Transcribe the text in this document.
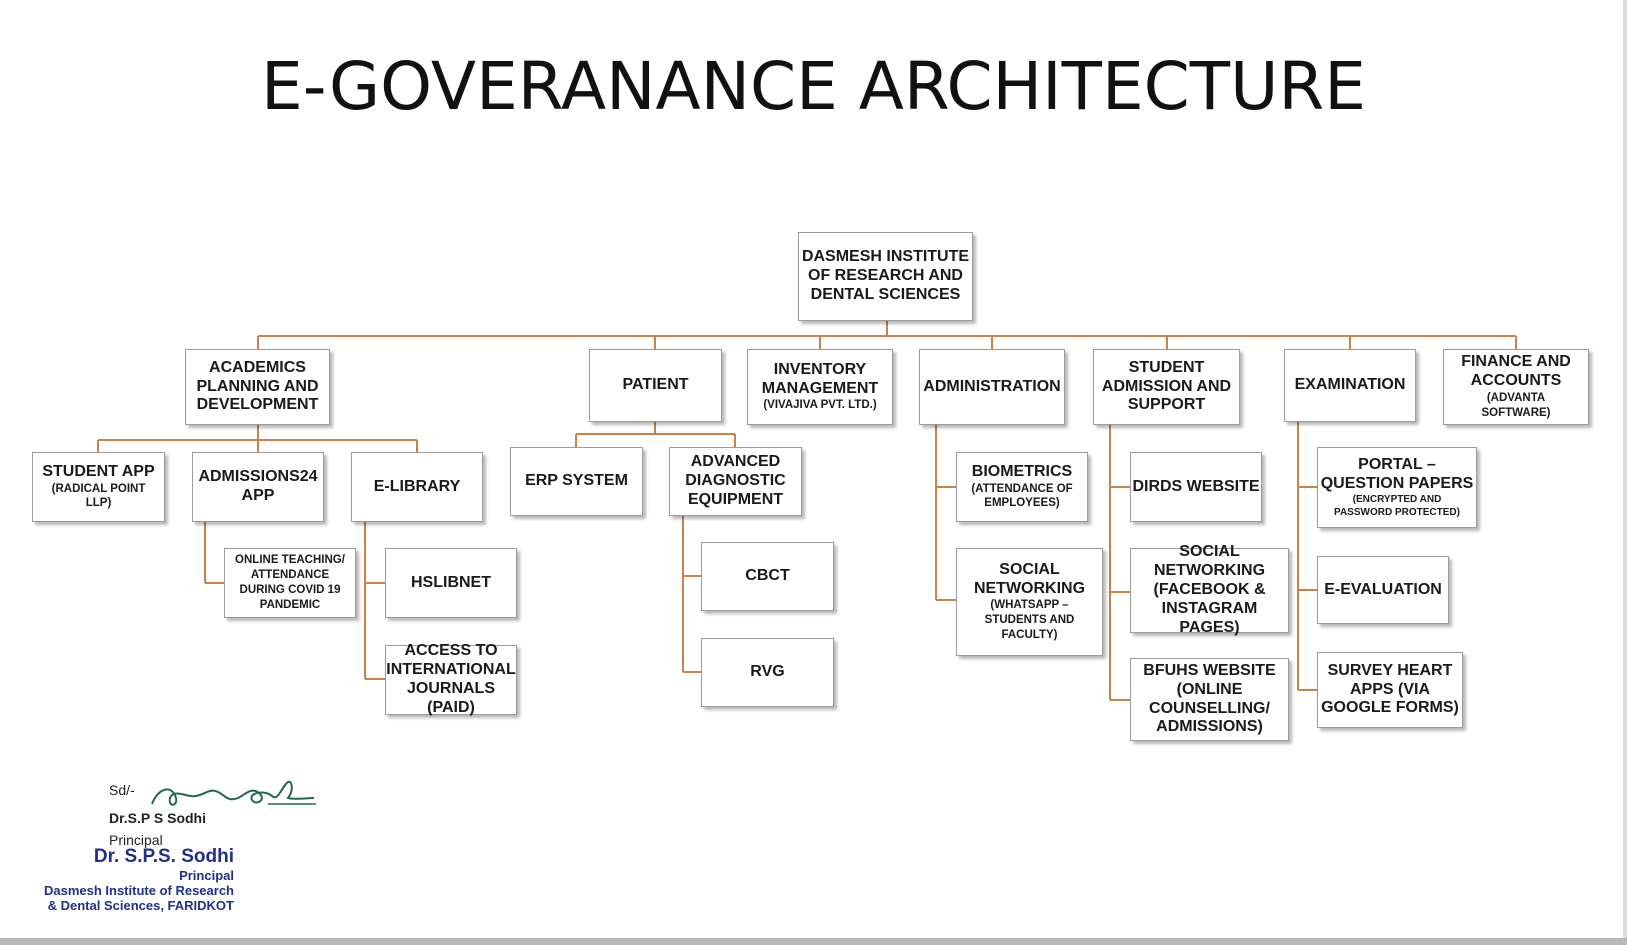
E-GOVERANANCE ARCHITECTURE
DASMESH INSTITUTE OF RESEARCH AND DENTAL SCIENCES
ACADEMICS PLANNING AND DEVELOPMENT
STUDENT APP
(RADICAL POINT LLP)
ADMISSIONS24 APP
E-LIBRARY
ONLINE TEACHING/ ATTENDANCE DURING COVID 19 PANDEMIC
HSLIBNET
ACCESS TO INTERNATIONAL JOURNALS (PAID)
PATIENT
ERP SYSTEM
ADVANCED DIAGNOSTIC EQUIPMENT
CBCT
RVG
INVENTORY MANAGEMENT
(VIVAJIVA PVT. LTD.)
ADMINISTRATION
BIOMETRICS
(ATTENDANCE OF EMPLOYEES)
SOCIAL NETWORKING
(WHATSAPP – STUDENTS AND FACULTY)
STUDENT ADMISSION AND SUPPORT
DIRDS WEBSITE
SOCIAL NETWORKING (FACEBOOK & INSTAGRAM PAGES)
BFUHS WEBSITE (ONLINE COUNSELLING/ ADMISSIONS)
EXAMINATION
PORTAL – QUESTION PAPERS
(ENCRYPTED AND PASSWORD PROTECTED)
E-EVALUATION
SURVEY HEART APPS (VIA GOOGLE FORMS)
FINANCE AND ACCOUNTS
(ADVANTA SOFTWARE)
Sd/-
Dr.S.P S Sodhi
Principal
Dr. S.P.S. Sodhi
Principal
Dasmesh Institute of Research
& Dental Sciences, FARIDKOT
